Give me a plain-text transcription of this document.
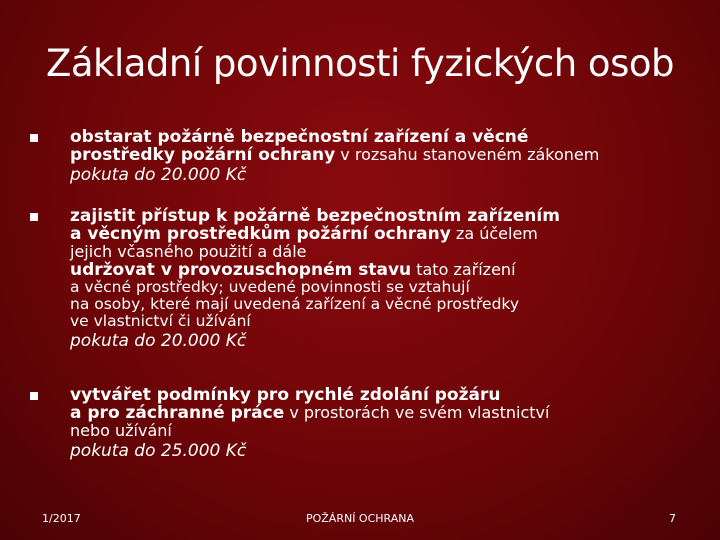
Základní povinnosti fyzických osob
obstarat požárně bezpečnostní zařízení a věcné
prostředky požární ochrany v rozsahu stanoveném zákonem
pokuta do 20.000 Kč
zajistit přístup k požárně bezpečnostním zařízením
a věcným prostředkům požární ochrany za účelem
jejich včasného použití a dále
udržovat v provozuschopném stavu tato zařízení
a věcné prostředky; uvedené povinnosti se vztahují
na osoby, které mají uvedená zařízení a věcné prostředky
ve vlastnictví či užívání
pokuta do 20.000 Kč
vytvářet podmínky pro rychlé zdolání požáru
a pro záchranné práce v prostorách ve svém vlastnictví
nebo užívání
pokuta do 25.000 Kč
1/2017	POŽÁRNÍ OCHRANA	7
